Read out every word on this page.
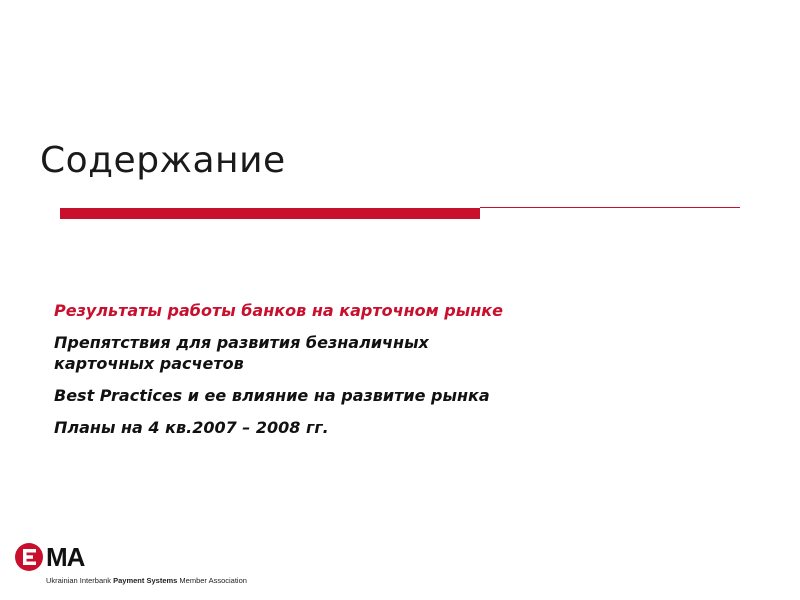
Содержание
Результаты работы банков на карточном рынке
Препятствия для развития безналичных карточных расчетов
Best Practices и ее влияние на развитие рынка
Планы на 4 кв.2007 – 2008 гг.
MA
Ukrainian Interbank Payment Systems Member Association
